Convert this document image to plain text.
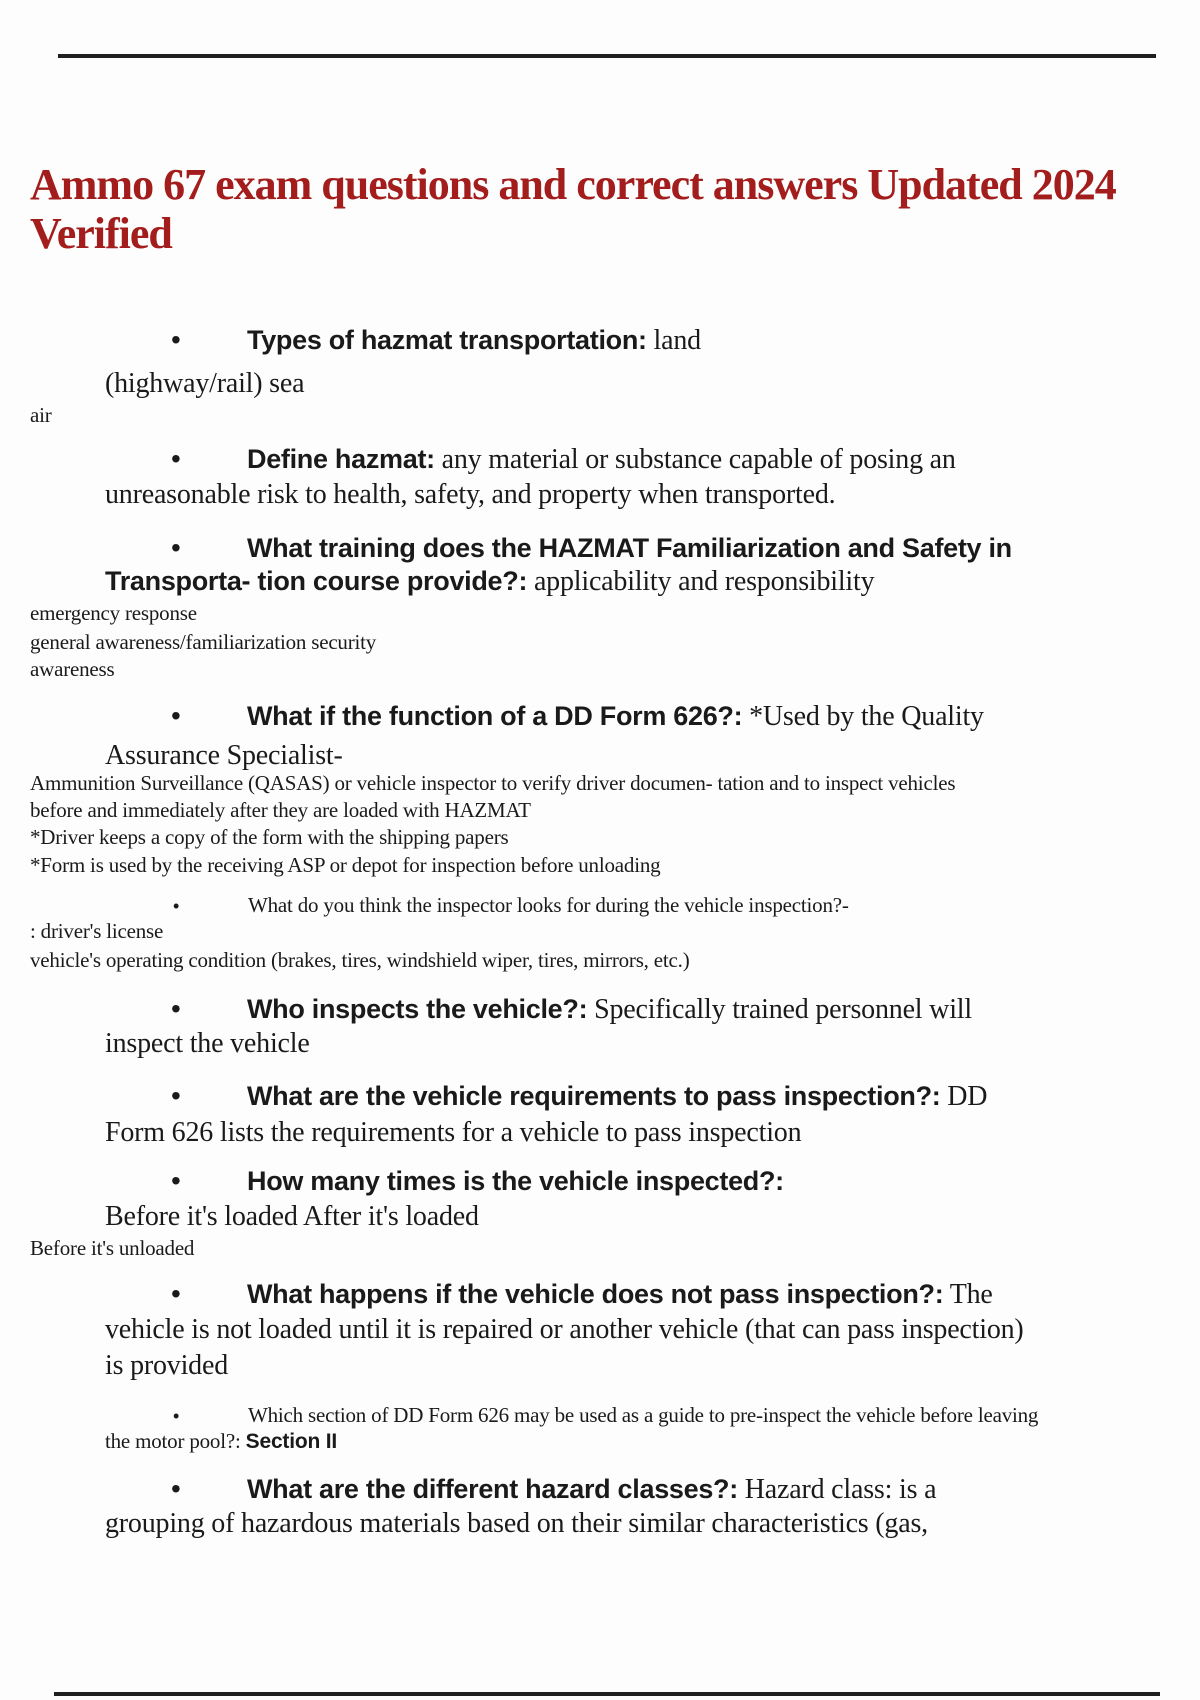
Ammo 67 exam questions and correct answers Updated 2024
Verified
• Types of hazmat transportation: land
(highway/rail) sea
air
• Define hazmat: any material or substance capable of posing an
unreasonable risk to health, safety, and property when transported.
• What training does the HAZMAT Familiarization and Safety in
Transporta- tion course provide?: applicability and responsibility
emergency response
general awareness/familiarization security
awareness
• What if the function of a DD Form 626?: *Used by the Quality
Assurance Specialist-
Ammunition Surveillance (QASAS) or vehicle inspector to verify driver documen- tation and to inspect vehicles
before and immediately after they are loaded with HAZMAT
*Driver keeps a copy of the form with the shipping papers
*Form is used by the receiving ASP or depot for inspection before unloading
•	What do you think the inspector looks for during the vehicle inspection?-
: driver's license
vehicle's operating condition (brakes, tires, windshield wiper, tires, mirrors, etc.)
• Who inspects the vehicle?: Specifically trained personnel will
inspect the vehicle
• What are the vehicle requirements to pass inspection?: DD
Form 626 lists the requirements for a vehicle to pass inspection
• How many times is the vehicle inspected?:
Before it's loaded After it's loaded
Before it's unloaded
• What happens if the vehicle does not pass inspection?: The
vehicle is not loaded until it is repaired or another vehicle (that can pass inspection)
is provided
•	Which section of DD Form 626 may be used as a guide to pre-inspect the vehicle before leaving
the motor pool?: Section II
• What are the different hazard classes?: Hazard class: is a
grouping of hazardous materials based on their similar characteristics (gas,
